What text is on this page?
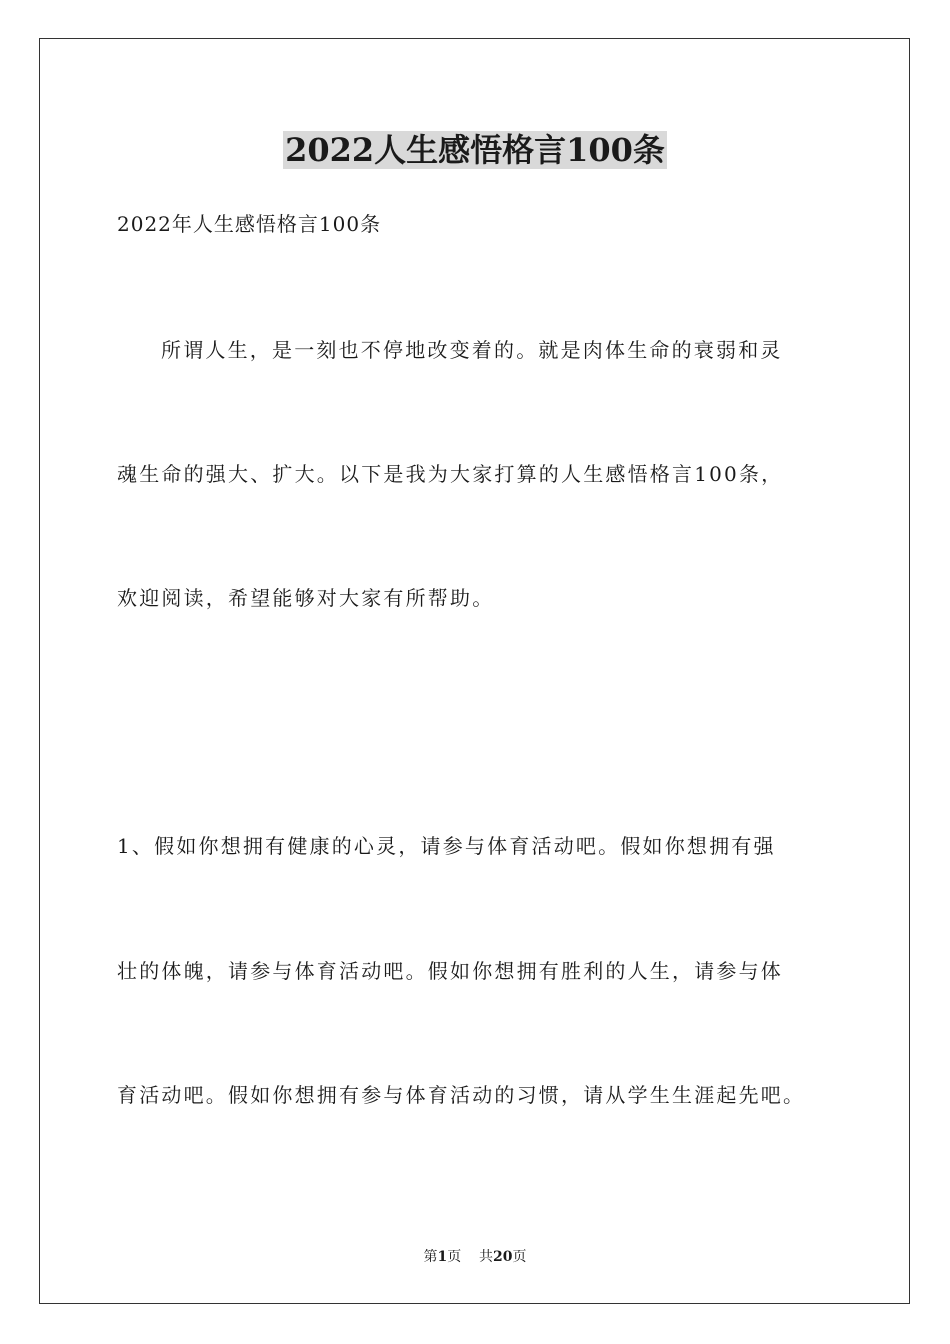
2022人生感悟格言100条

2022年人生感悟格言100条

所谓人生，是一刻也不停地改变着的。就是肉体生命的衰弱和灵

魂生命的强大、扩大。以下是我为大家打算的人生感悟格言100条，

欢迎阅读，希望能够对大家有所帮助。

1、假如你想拥有健康的心灵，请参与体育活动吧。假如你想拥有强

壮的体魄，请参与体育活动吧。假如你想拥有胜利的人生，请参与体

育活动吧。假如你想拥有参与体育活动的习惯，请从学生生涯起先吧。

第1页 共20页
